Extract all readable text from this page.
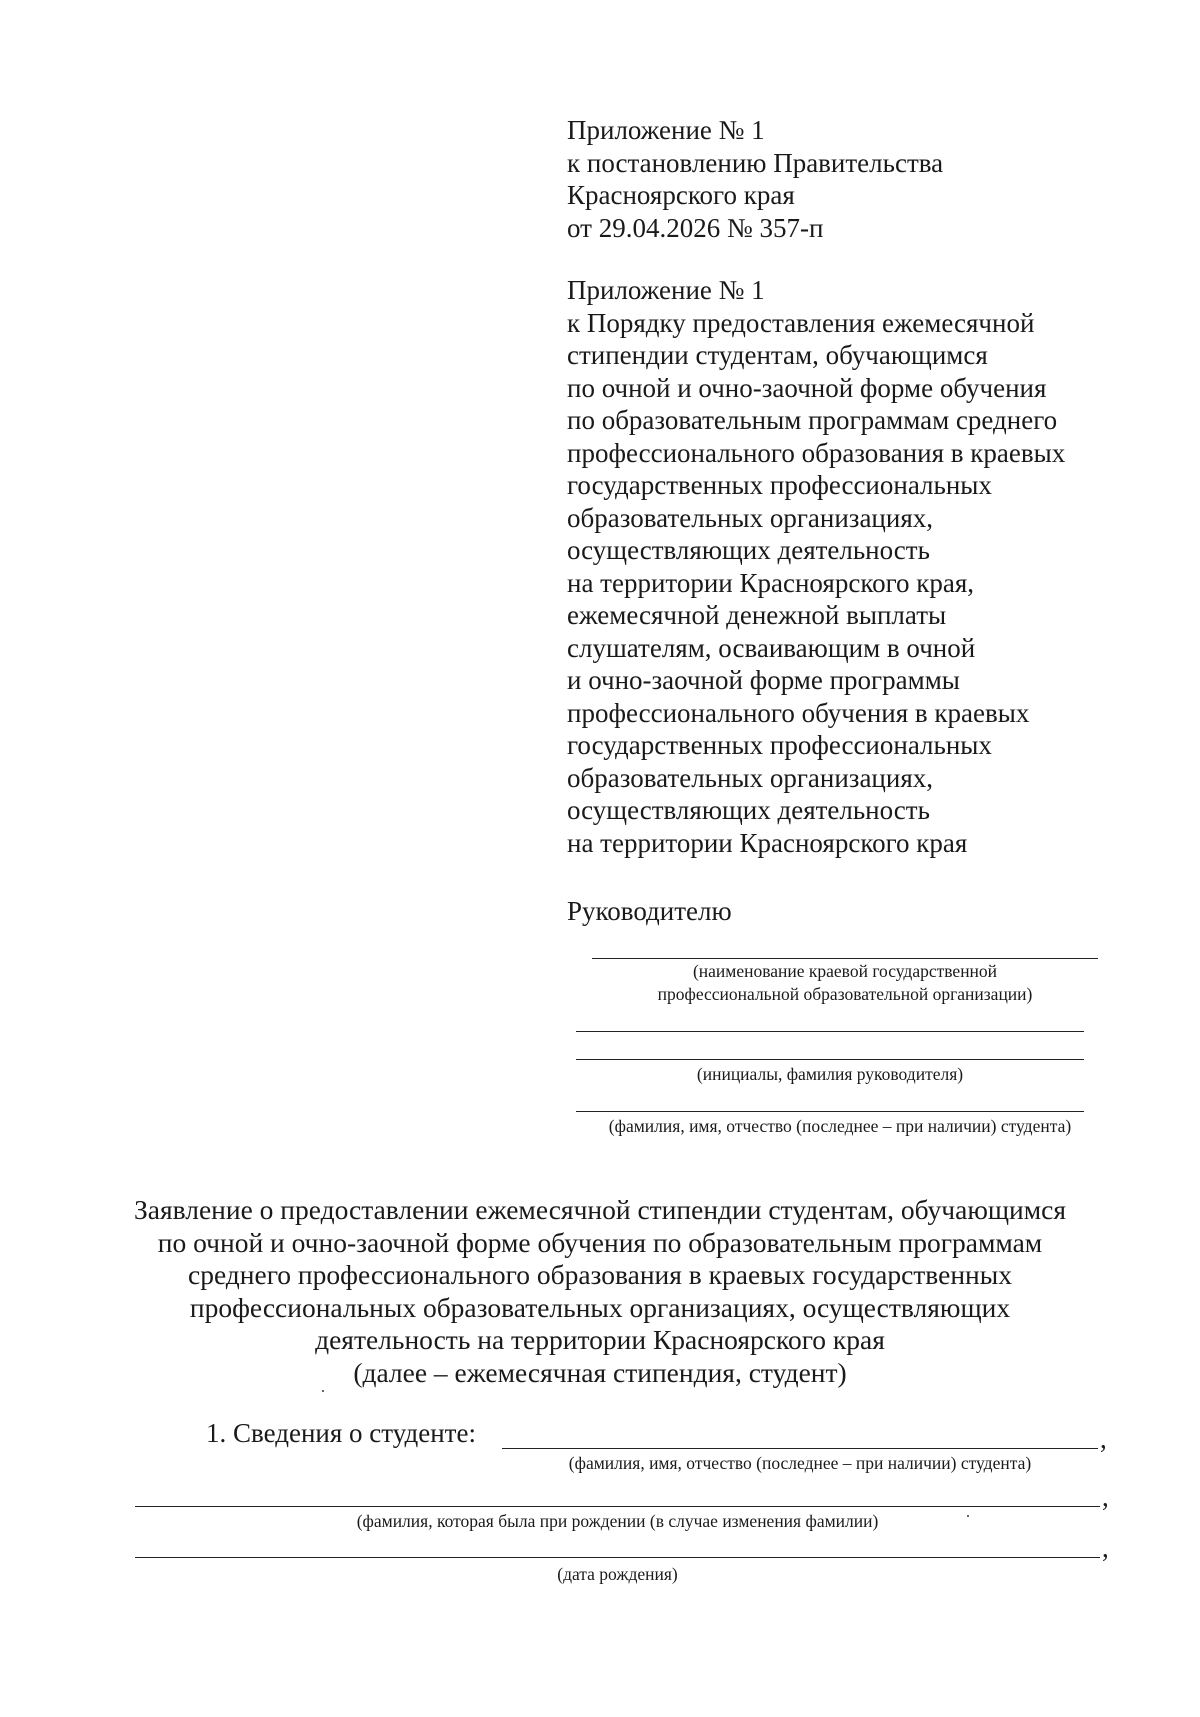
Приложение № 1
к постановлению Правительства
Красноярского края
от 29.04.2026 № 357-п
Приложение № 1
к Порядку предоставления ежемесячной
стипендии студентам, обучающимся
по очной и очно-заочной форме обучения
по образовательным программам среднего
профессионального образования в краевых
государственных профессиональных
образовательных организациях,
осуществляющих деятельность
на территории Красноярского края,
ежемесячной денежной выплаты
слушателям, осваивающим в очной
и очно-заочной форме программы
профессионального обучения в краевых
государственных профессиональных
образовательных организациях,
осуществляющих деятельность
на территории Красноярского края
Руководителю
(наименование краевой государственной
профессиональной образовательной организации)
(инициалы, фамилия руководителя)
(фамилия, имя, отчество (последнее – при наличии) студента)
Заявление о предоставлении ежемесячной стипендии студентам, обучающимся
по очной и очно-заочной форме обучения по образовательным программам
среднего профессионального образования в краевых государственных
профессиональных образовательных организациях, осуществляющих
деятельность на территории Красноярского края
(далее – ежемесячная стипендия, студент)
1. Сведения о студенте:	,
(фамилия, имя, отчество (последнее – при наличии) студента)
,
(фамилия, которая была при рождении (в случае изменения фамилии)
,
(дата рождения)
